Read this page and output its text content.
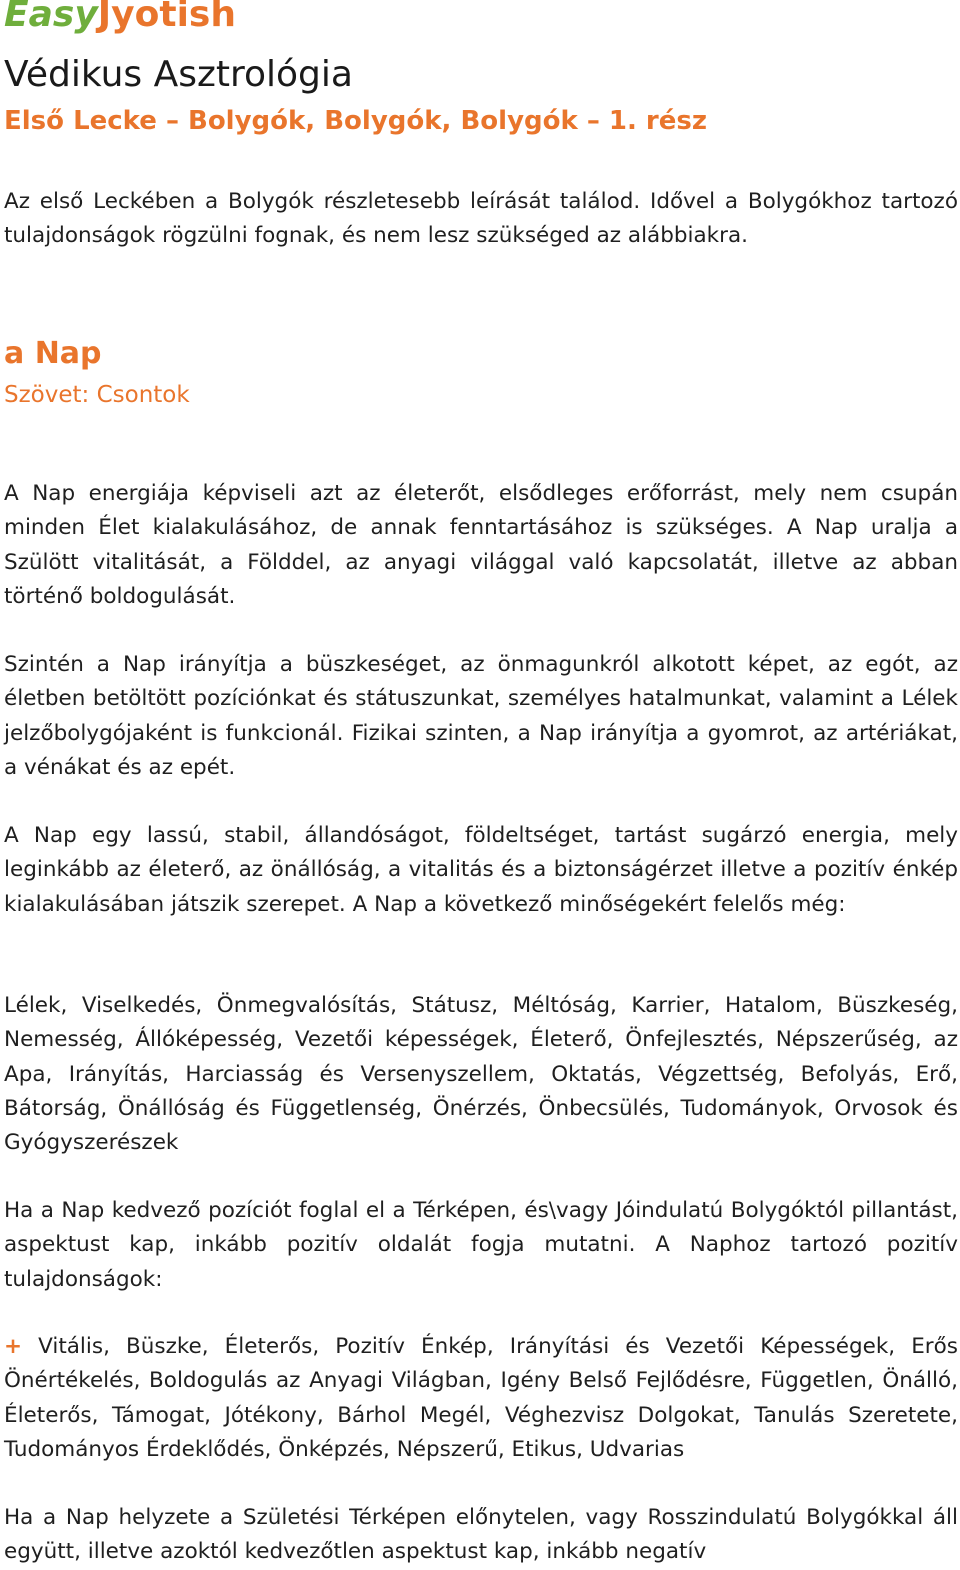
EasyJyotish
Védikus Asztrológia
Első Lecke – Bolygók, Bolygók, Bolygók – 1. rész

Az első Leckében a Bolygók részletesebb leírását találod. Idővel a Bolygókhoz tartozó tulajdonságok rögzülni fognak, és nem lesz szükséged az alábbiakra.

a Nap
Szövet: Csontok

A Nap energiája képviseli azt az életerőt, elsődleges erőforrást, mely nem csupán minden Élet kialakulásához, de annak fenntartásához is szükséges. A Nap uralja a Szülött vitalitását, a Földdel, az anyagi világgal való kapcsolatát, illetve az abban történő boldogulását.

Szintén a Nap irányítja a büszkeséget, az önmagunkról alkotott képet, az egót, az életben betöltött pozíciónkat és státuszunkat, személyes hatalmunkat, valamint a Lélek jelzőbolygójaként is funkcionál. Fizikai szinten, a Nap irányítja a gyomrot, az artériákat, a vénákat és az epét.

A Nap egy lassú, stabil, állandóságot, földeltséget, tartást sugárzó energia, mely leginkább az életerő, az önállóság, a vitalitás és a biztonságérzet illetve a pozitív énkép kialakulásában játszik szerepet. A Nap a következő minőségekért felelős még:

Lélek, Viselkedés, Önmegvalósítás, Státusz, Méltóság, Karrier, Hatalom, Büszkeség, Nemesség, Állóképesség, Vezetői képességek, Életerő, Önfejlesztés, Népszerűség, az Apa, Irányítás, Harciasság és Versenyszellem, Oktatás, Végzettség, Befolyás, Erő, Bátorság, Önállóság és Függetlenség, Önérzés, Önbecsülés, Tudományok, Orvosok és Gyógyszerészek

Ha a Nap kedvező pozíciót foglal el a Térképen, és\vagy Jóindulatú Bolygóktól pillantást, aspektust kap, inkább pozitív oldalát fogja mutatni. A Naphoz tartozó pozitív tulajdonságok:

+ Vitális, Büszke, Életerős, Pozitív Énkép, Irányítási és Vezetői Képességek, Erős Önértékelés, Boldogulás az Anyagi Világban, Igény Belső Fejlődésre, Független, Önálló, Életerős, Támogat, Jótékony, Bárhol Megél, Véghezvisz Dolgokat, Tanulás Szeretete, Tudományos Érdeklődés, Önképzés, Népszerű, Etikus, Udvarias

Ha a Nap helyzete a Születési Térképen előnytelen, vagy Rosszindulatú Bolygókkal áll együtt, illetve azoktól kedvezőtlen aspektust kap, inkább negatív
